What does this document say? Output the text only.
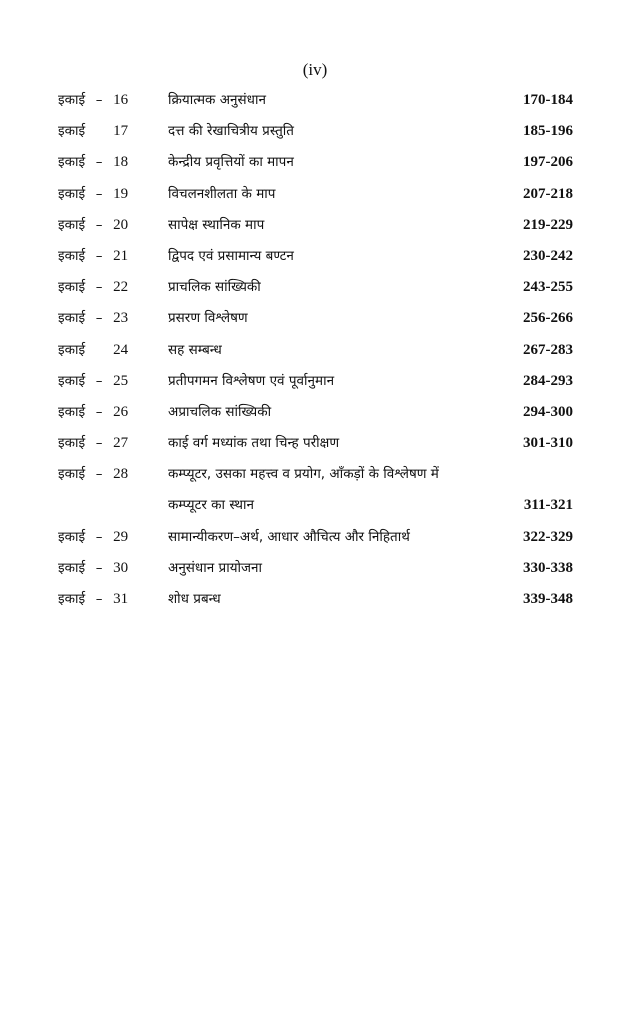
(iv)
इकाई – 16	क्रियात्मक अनुसंधान	170-184
इकाई 17	दत्त की रेखाचित्रीय प्रस्तुति	185-196
इकाई – 18	केन्द्रीय प्रवृत्तियों का मापन	197-206
इकाई – 19	विचलनशीलता के माप	207-218
इकाई – 20	सापेक्ष स्थानिक माप	219-229
इकाई – 21	द्विपद एवं प्रसामान्य बण्टन	230-242
इकाई – 22	प्राचलिक सांख्यिकी	243-255
इकाई – 23	प्रसरण विश्लेषण	256-266
इकाई 24	सह सम्बन्ध	267-283
इकाई – 25	प्रतीपगमन विश्लेषण एवं पूर्वानुमान	284-293
इकाई – 26	अप्राचलिक सांख्यिकी	294-300
इकाई – 27	काई वर्ग मध्यांक तथा चिन्ह परीक्षण	301-310
इकाई – 28	कम्प्यूटर, उसका महत्त्व व प्रयोग, आँकड़ों के विश्लेषण में
कम्प्यूटर का स्थान	311-321
इकाई – 29	सामान्यीकरण–अर्थ, आधार औचित्य और निहितार्थ	322-329
इकाई – 30	अनुसंधान प्रायोजना	330-338
इकाई – 31	शोध प्रबन्ध	339-348
